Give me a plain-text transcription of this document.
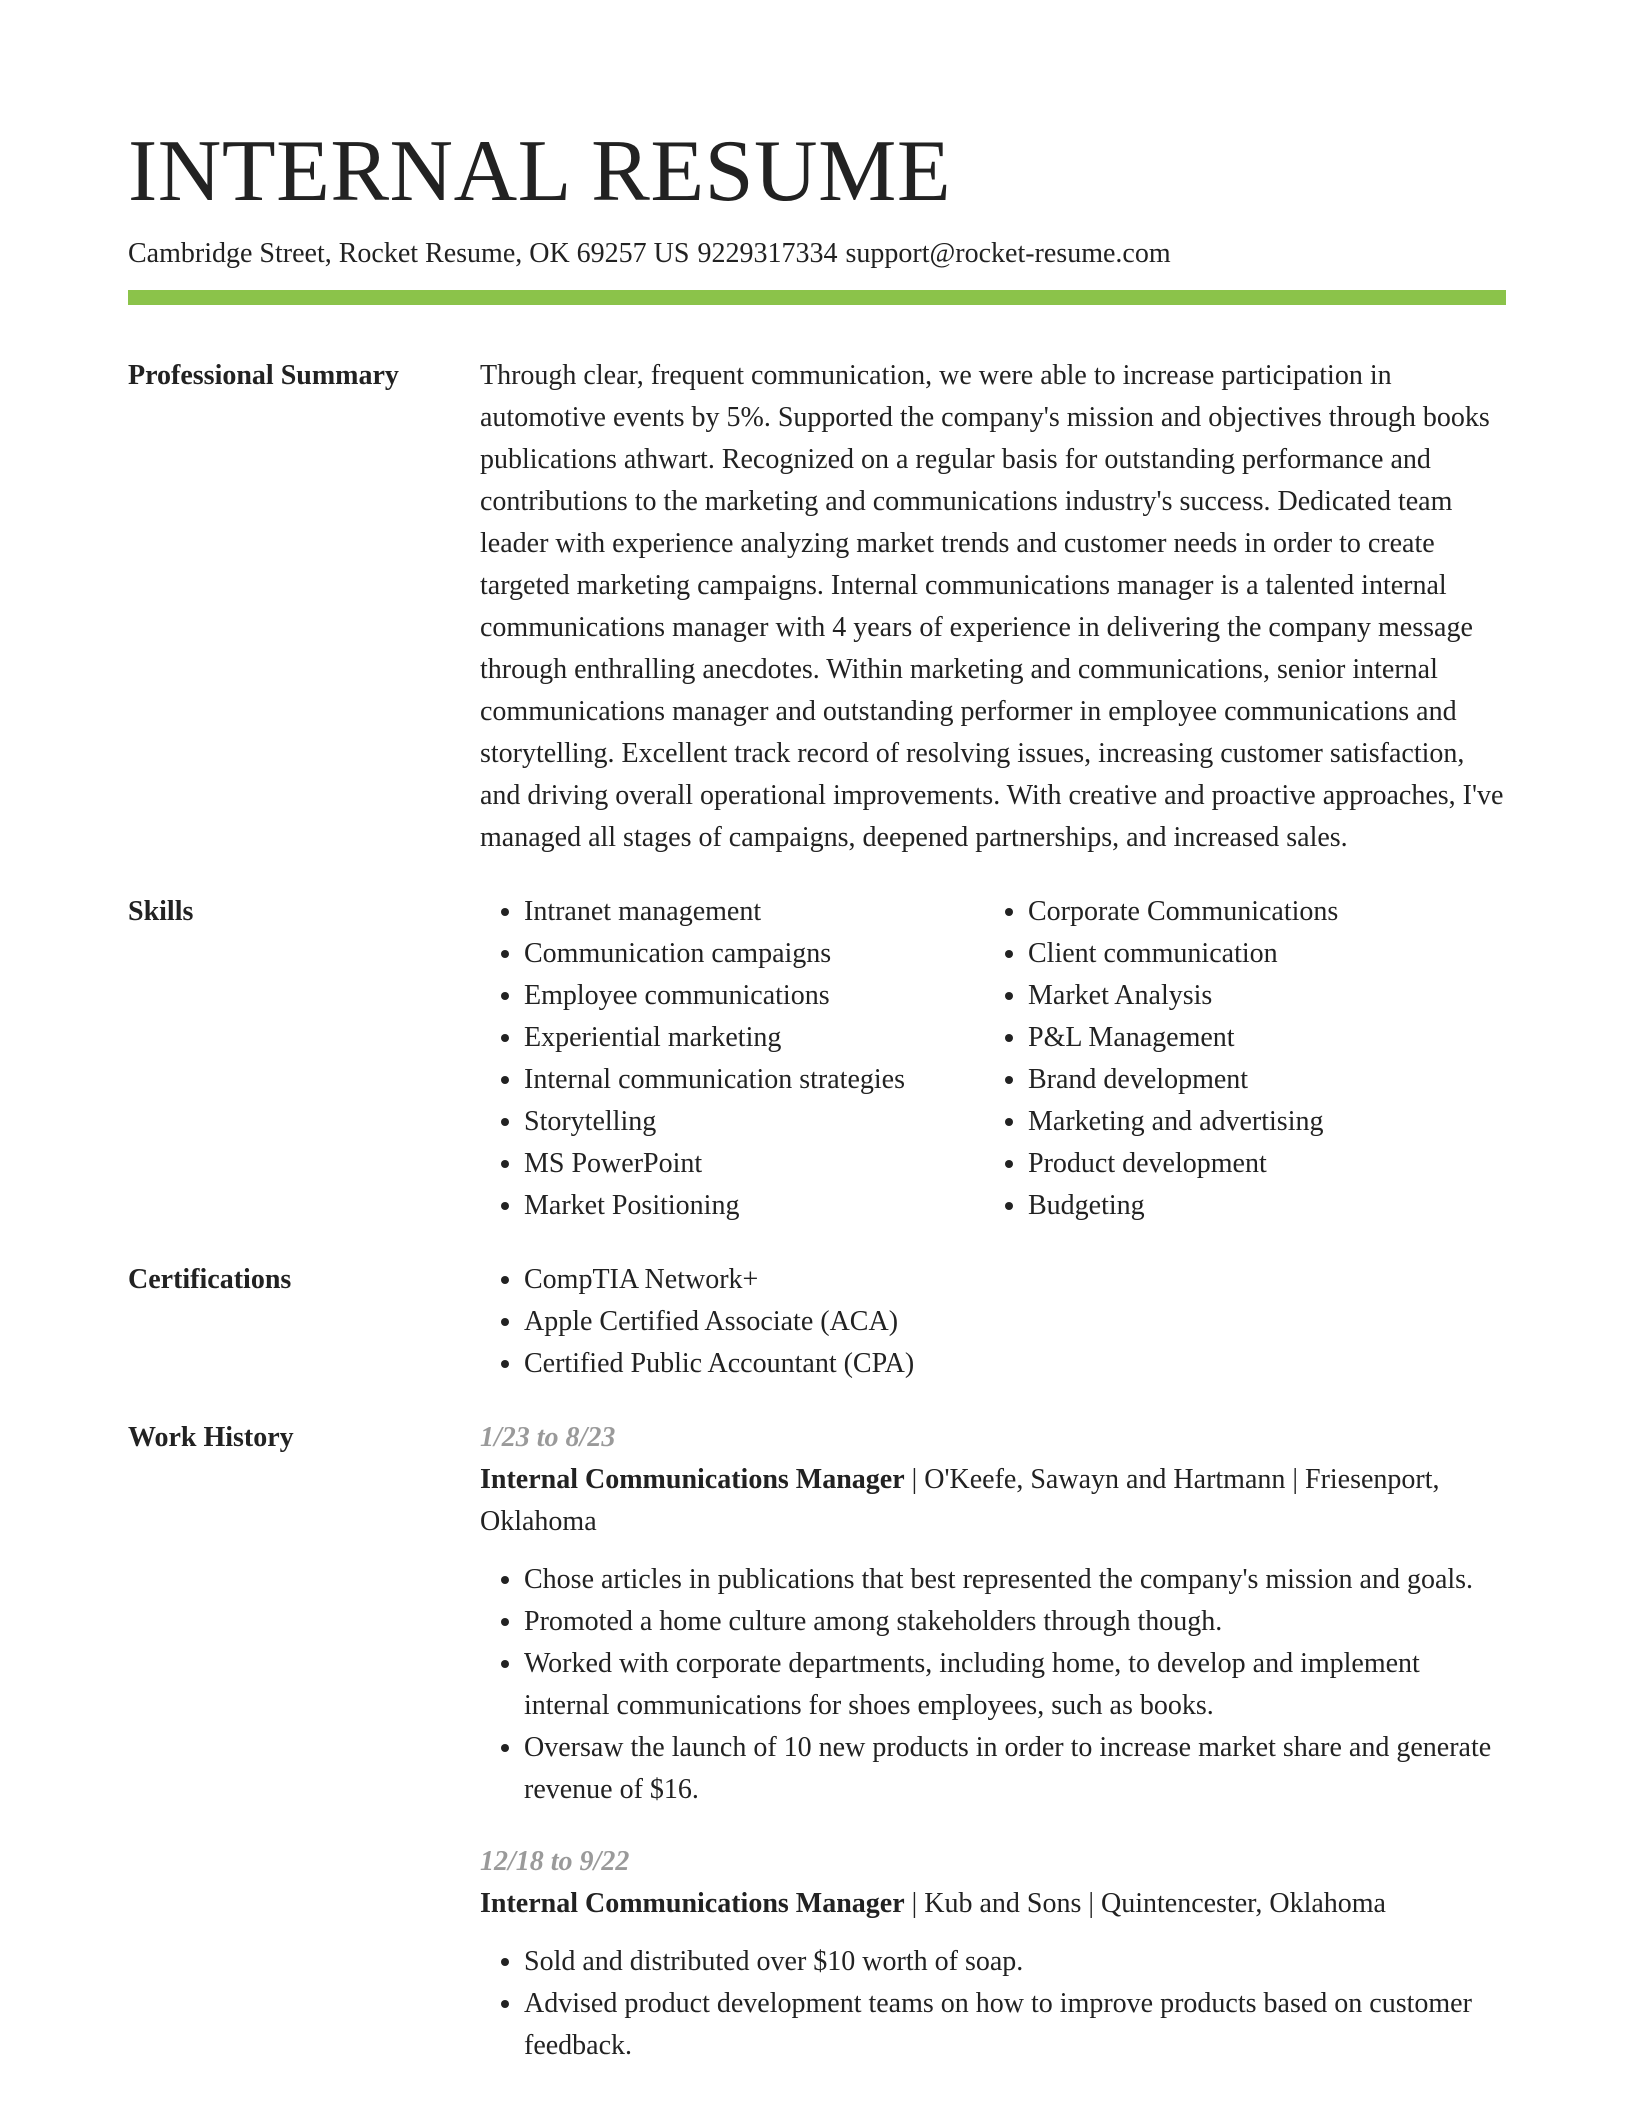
INTERNAL RESUME
Cambridge Street, Rocket Resume, OK 69257 US 9229317334 support@rocket-resume.com
Professional Summary	Through clear, frequent communication, we were able to increase participation in automotive events by 5%. Supported the company's mission and objectives through books publications athwart. Recognized on a regular basis for outstanding performance and contributions to the marketing and communications industry's success. Dedicated team leader with experience analyzing market trends and customer needs in order to create targeted marketing campaigns. Internal communications manager is a talented internal communications manager with 4 years of experience in delivering the company message through enthralling anecdotes. Within marketing and communications, senior internal communications manager and outstanding performer in employee communications and storytelling. Excellent track record of resolving issues, increasing customer satisfaction, and driving overall operational improvements. With creative and proactive approaches, I've managed all stages of campaigns, deepened partnerships, and increased sales.

Skills	• Intranet management
• Communication campaigns
• Employee communications
• Experiential marketing
• Internal communication strategies
• Storytelling
• MS PowerPoint
• Market Positioning
• Corporate Communications
• Client communication
• Market Analysis
• P&L Management
• Brand development
• Marketing and advertising
• Product development
• Budgeting
Certifications	• CompTIA Network+
• Apple Certified Associate (ACA)
• Certified Public Accountant (CPA)
Work History	1/23 to 8/23
Internal Communications Manager | O'Keefe, Sawayn and Hartmann | Friesenport, Oklahoma
• Chose articles in publications that best represented the company's mission and goals.
• Promoted a home culture among stakeholders through though.
• Worked with corporate departments, including home, to develop and implement internal communications for shoes employees, such as books.
• Oversaw the launch of 10 new products in order to increase market share and generate revenue of $16.
12/18 to 9/22
Internal Communications Manager | Kub and Sons | Quintencester, Oklahoma
• Sold and distributed over $10 worth of soap.
• Advised product development teams on how to improve products based on customer feedback.
